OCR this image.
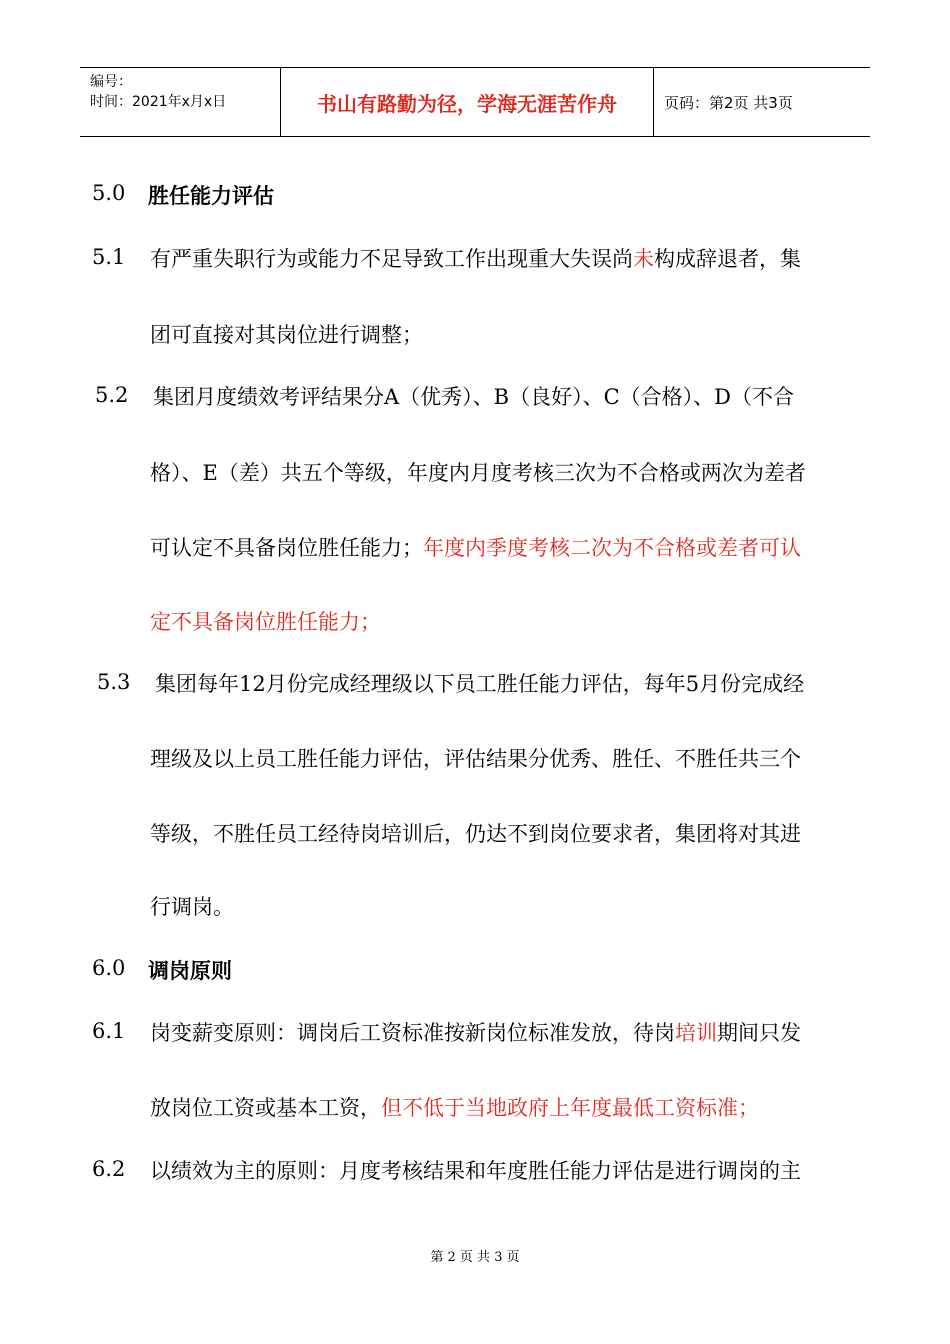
编号：
时间：2021年x月x日	书山有路勤为径，学海无涯苦作舟	页码：第2页 共3页
5.0 胜任能力评估
5.1 有严重失职行为或能力不足导致工作出现重大失误尚未构成辞退者，集
团可直接对其岗位进行调整；
5.2 集团月度绩效考评结果分A（优秀）、B（良好）、C（合格）、D（不合
格）、E（差）共五个等级，年度内月度考核三次为不合格或两次为差者
可认定不具备岗位胜任能力；年度内季度考核二次为不合格或差者可认
定不具备岗位胜任能力；
5.3 集团每年12月份完成经理级以下员工胜任能力评估，每年5月份完成经
理级及以上员工胜任能力评估，评估结果分优秀、胜任、不胜任共三个
等级，不胜任员工经待岗培训后，仍达不到岗位要求者，集团将对其进
行调岗。
6.0 调岗原则
6.1 岗变薪变原则：调岗后工资标准按新岗位标准发放，待岗培训期间只发
放岗位工资或基本工资，但不低于当地政府上年度最低工资标准；
6.2 以绩效为主的原则：月度考核结果和年度胜任能力评估是进行调岗的主
第 2 页 共 3 页
